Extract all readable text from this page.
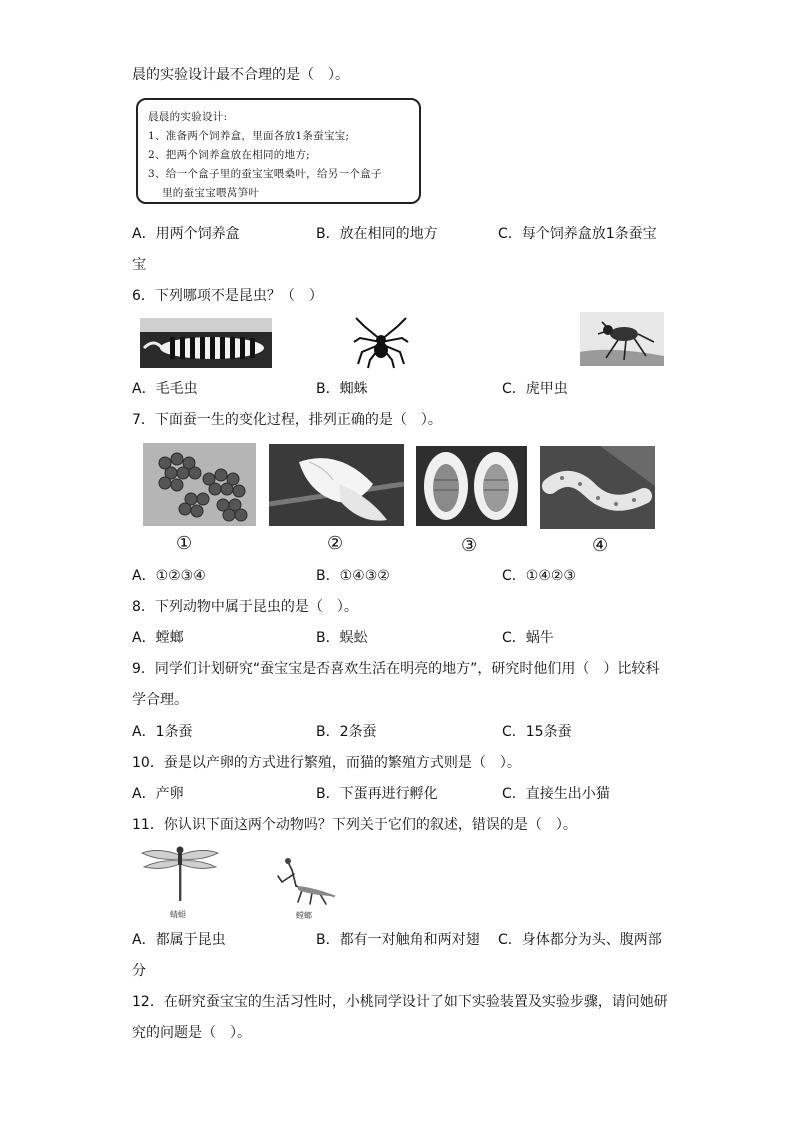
晨的实验设计最不合理的是（　）。
晨晨的实验设计:
1、准备两个饲养盒，里面各放1条蚕宝宝;
2、把两个饲养盒放在相同的地方;
3、给一个盒子里的蚕宝宝喂桑叶，给另一个盒子
里的蚕宝宝喂莴笋叶
A．用两个饲养盒	B．放在相同的地方	C．每个饲养盒放1条蚕宝
宝
6．下列哪项不是昆虫？（　）
A．毛毛虫	B．蜘蛛	C．虎甲虫
7．下面蚕一生的变化过程，排列正确的是（　）。
①	②	③	④
A．①②③④	B．①④③②	C．①④②③
8．下列动物中属于昆虫的是（　）。
A．螳螂	B．蜈蚣	C．蜗牛
9．同学们计划研究“蚕宝宝是否喜欢生活在明亮的地方”，研究时他们用（　）比较科
学合理。
A．1条蚕	B．2条蚕	C．15条蚕
10．蚕是以产卵的方式进行繁殖，而猫的繁殖方式则是（　）。
A．产卵	B．下蛋再进行孵化	C．直接生出小猫
11．你认识下面这两个动物吗？下列关于它们的叙述，错误的是（　）。
蜻蜓	螳螂
A．都属于昆虫	B．都有一对触角和两对翅 C．身体都分为头、腹两部
分
12．在研究蚕宝宝的生活习性时，小桃同学设计了如下实验装置及实验步骤，请问她研
究的问题是（　）。
